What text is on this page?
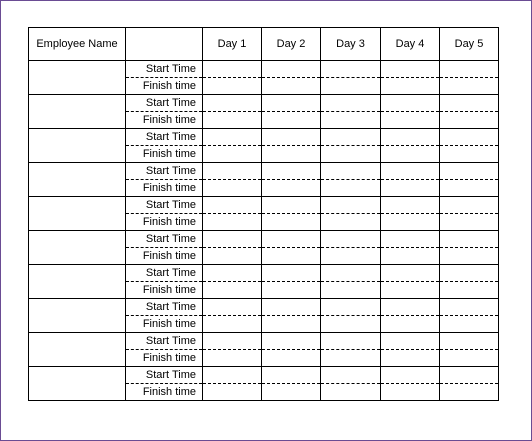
Employee Name		Day 1	Day 2	Day 3	Day 4	Day 5
	Start Time					
	Finish time					
	Start Time					
	Finish time					
	Start Time					
	Finish time					
	Start Time					
	Finish time					
	Start Time					
	Finish time					
	Start Time					
	Finish time					
	Start Time					
	Finish time					
	Start Time					
	Finish time					
	Start Time					
	Finish time					
	Start Time					
	Finish time					
